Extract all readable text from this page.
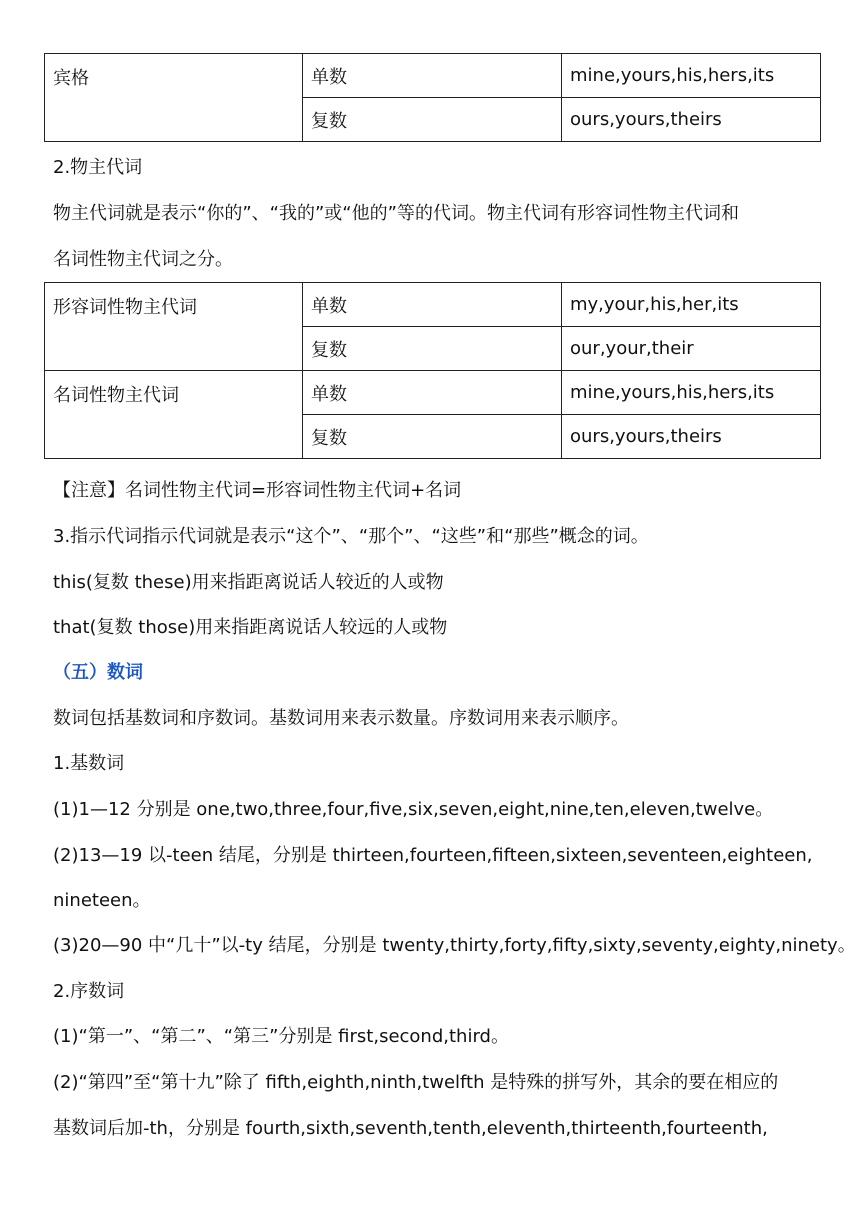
宾格	单数	mine,yours,his,hers,its
	复数	ours,yours,theirs
2.物主代词
物主代词就是表示“你的”、“我的”或“他的”等的代词。物主代词有形容词性物主代词和
名词性物主代词之分。
形容词性物主代词	单数	my,your,his,her,its
	复数	our,your,their
名词性物主代词	单数	mine,yours,his,hers,its
	复数	ours,yours,theirs
【注意】名词性物主代词=形容词性物主代词+名词
3.指示代词指示代词就是表示“这个”、“那个”、“这些”和“那些”概念的词。
this(复数 these)用来指距离说话人较近的人或物
that(复数 those)用来指距离说话人较远的人或物
（五）数词
数词包括基数词和序数词。基数词用来表示数量。序数词用来表示顺序。
1.基数词
(1)1—12 分别是 one,two,three,four,five,six,seven,eight,nine,ten,eleven,twelve。
(2)13—19 以-teen 结尾，分别是 thirteen,fourteen,fifteen,sixteen,seventeen,eighteen,
nineteen。
(3)20—90 中“几十”以-ty 结尾，分别是 twenty,thirty,forty,fifty,sixty,seventy,eighty,ninety。
2.序数词
(1)“第一”、“第二”、“第三”分别是 first,second,third。
(2)“第四”至“第十九”除了 fifth,eighth,ninth,twelfth 是特殊的拼写外，其余的要在相应的
基数词后加-th，分别是 fourth,sixth,seventh,tenth,eleventh,thirteenth,fourteenth,
